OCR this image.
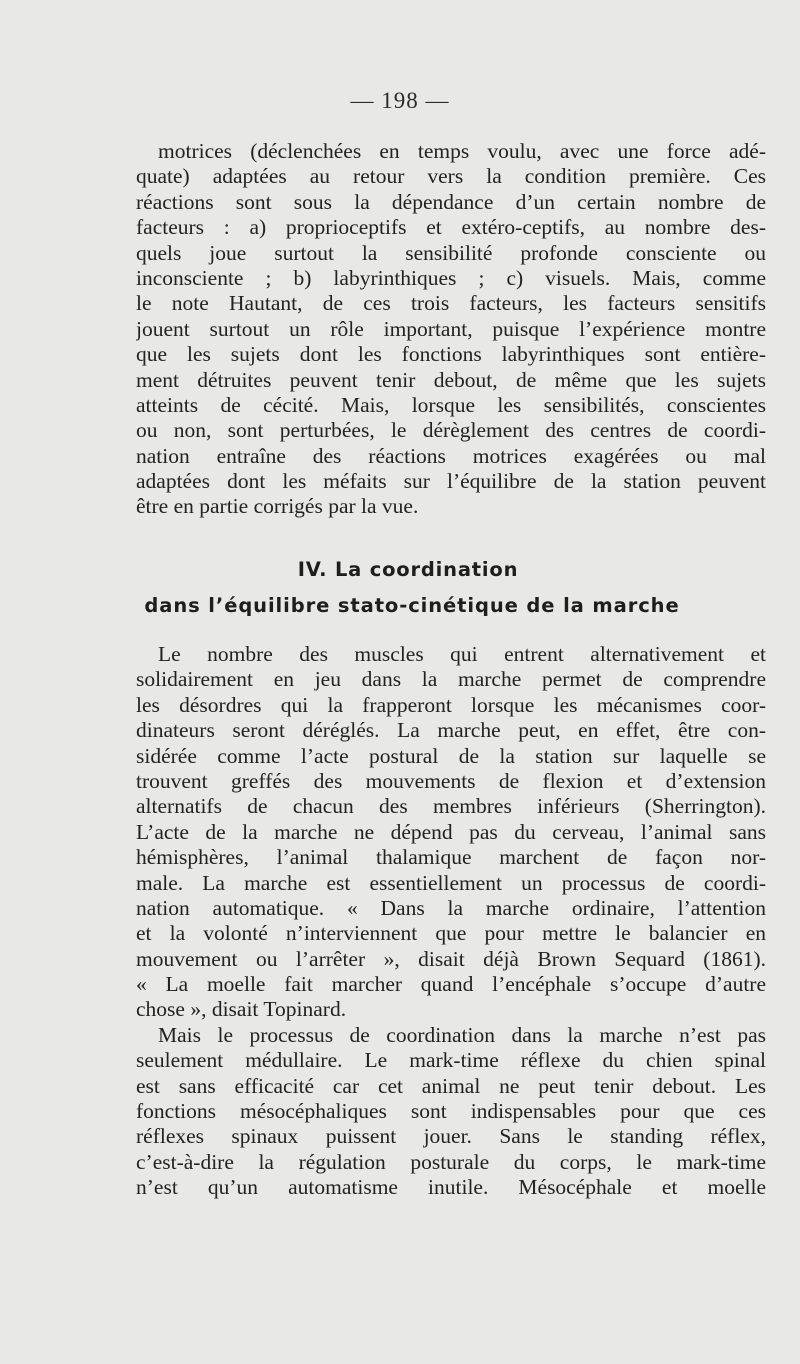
— 198 —
motrices (déclenchées en temps voulu, avec une force adé-
quate) adaptées au retour vers la condition première. Ces
réactions sont sous la dépendance d’un certain nombre de
facteurs : a) proprioceptifs et extéro-ceptifs, au nombre des-
quels joue surtout la sensibilité profonde consciente ou
inconsciente ; b) labyrinthiques ; c) visuels. Mais, comme
le note Hautant, de ces trois facteurs, les facteurs sensitifs
jouent surtout un rôle important, puisque l’expérience montre
que les sujets dont les fonctions labyrinthiques sont entière-
ment détruites peuvent tenir debout, de même que les sujets
atteints de cécité. Mais, lorsque les sensibilités, conscientes
ou non, sont perturbées, le dérèglement des centres de coordi-
nation entraîne des réactions motrices exagérées ou mal
adaptées dont les méfaits sur l’équilibre de la station peuvent
être en partie corrigés par la vue.
IV. La coordination
dans l’équilibre stato-cinétique de la marche
Le nombre des muscles qui entrent alternativement et
solidairement en jeu dans la marche permet de comprendre
les désordres qui la frapperont lorsque les mécanismes coor-
dinateurs seront déréglés. La marche peut, en effet, être con-
sidérée comme l’acte postural de la station sur laquelle se
trouvent greffés des mouvements de flexion et d’extension
alternatifs de chacun des membres inférieurs (Sherrington).
L’acte de la marche ne dépend pas du cerveau, l’animal sans
hémisphères, l’animal thalamique marchent de façon nor-
male. La marche est essentiellement un processus de coordi-
nation automatique. « Dans la marche ordinaire, l’attention
et la volonté n’interviennent que pour mettre le balancier en
mouvement ou l’arrêter », disait déjà Brown Sequard (1861).
« La moelle fait marcher quand l’encéphale s’occupe d’autre
chose », disait Topinard.
Mais le processus de coordination dans la marche n’est pas
seulement médullaire. Le mark-time réflexe du chien spinal
est sans efficacité car cet animal ne peut tenir debout. Les
fonctions mésocéphaliques sont indispensables pour que ces
réflexes spinaux puissent jouer. Sans le standing réflex,
c’est-à-dire la régulation posturale du corps, le mark-time
n’est qu’un automatisme inutile. Mésocéphale et moelle
